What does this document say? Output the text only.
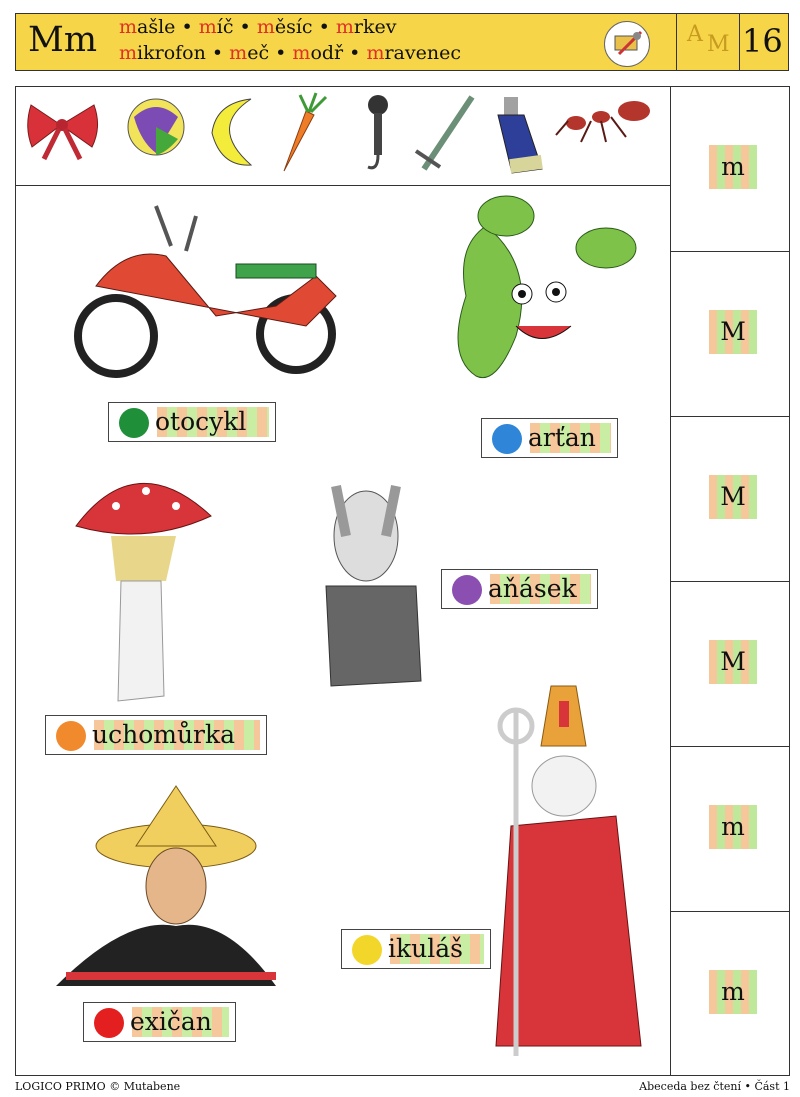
Mm mašle • míč • měsíc • mrkev
mikrofon • meč • modř • mravenec
A M 16
m
M
M
M
m
m
otocykl
arťan
aňásek
uchomůrka
ikuláš
exičan
LOGICO PRIMO © Mutabene	Abeceda bez čtení • Část 1
